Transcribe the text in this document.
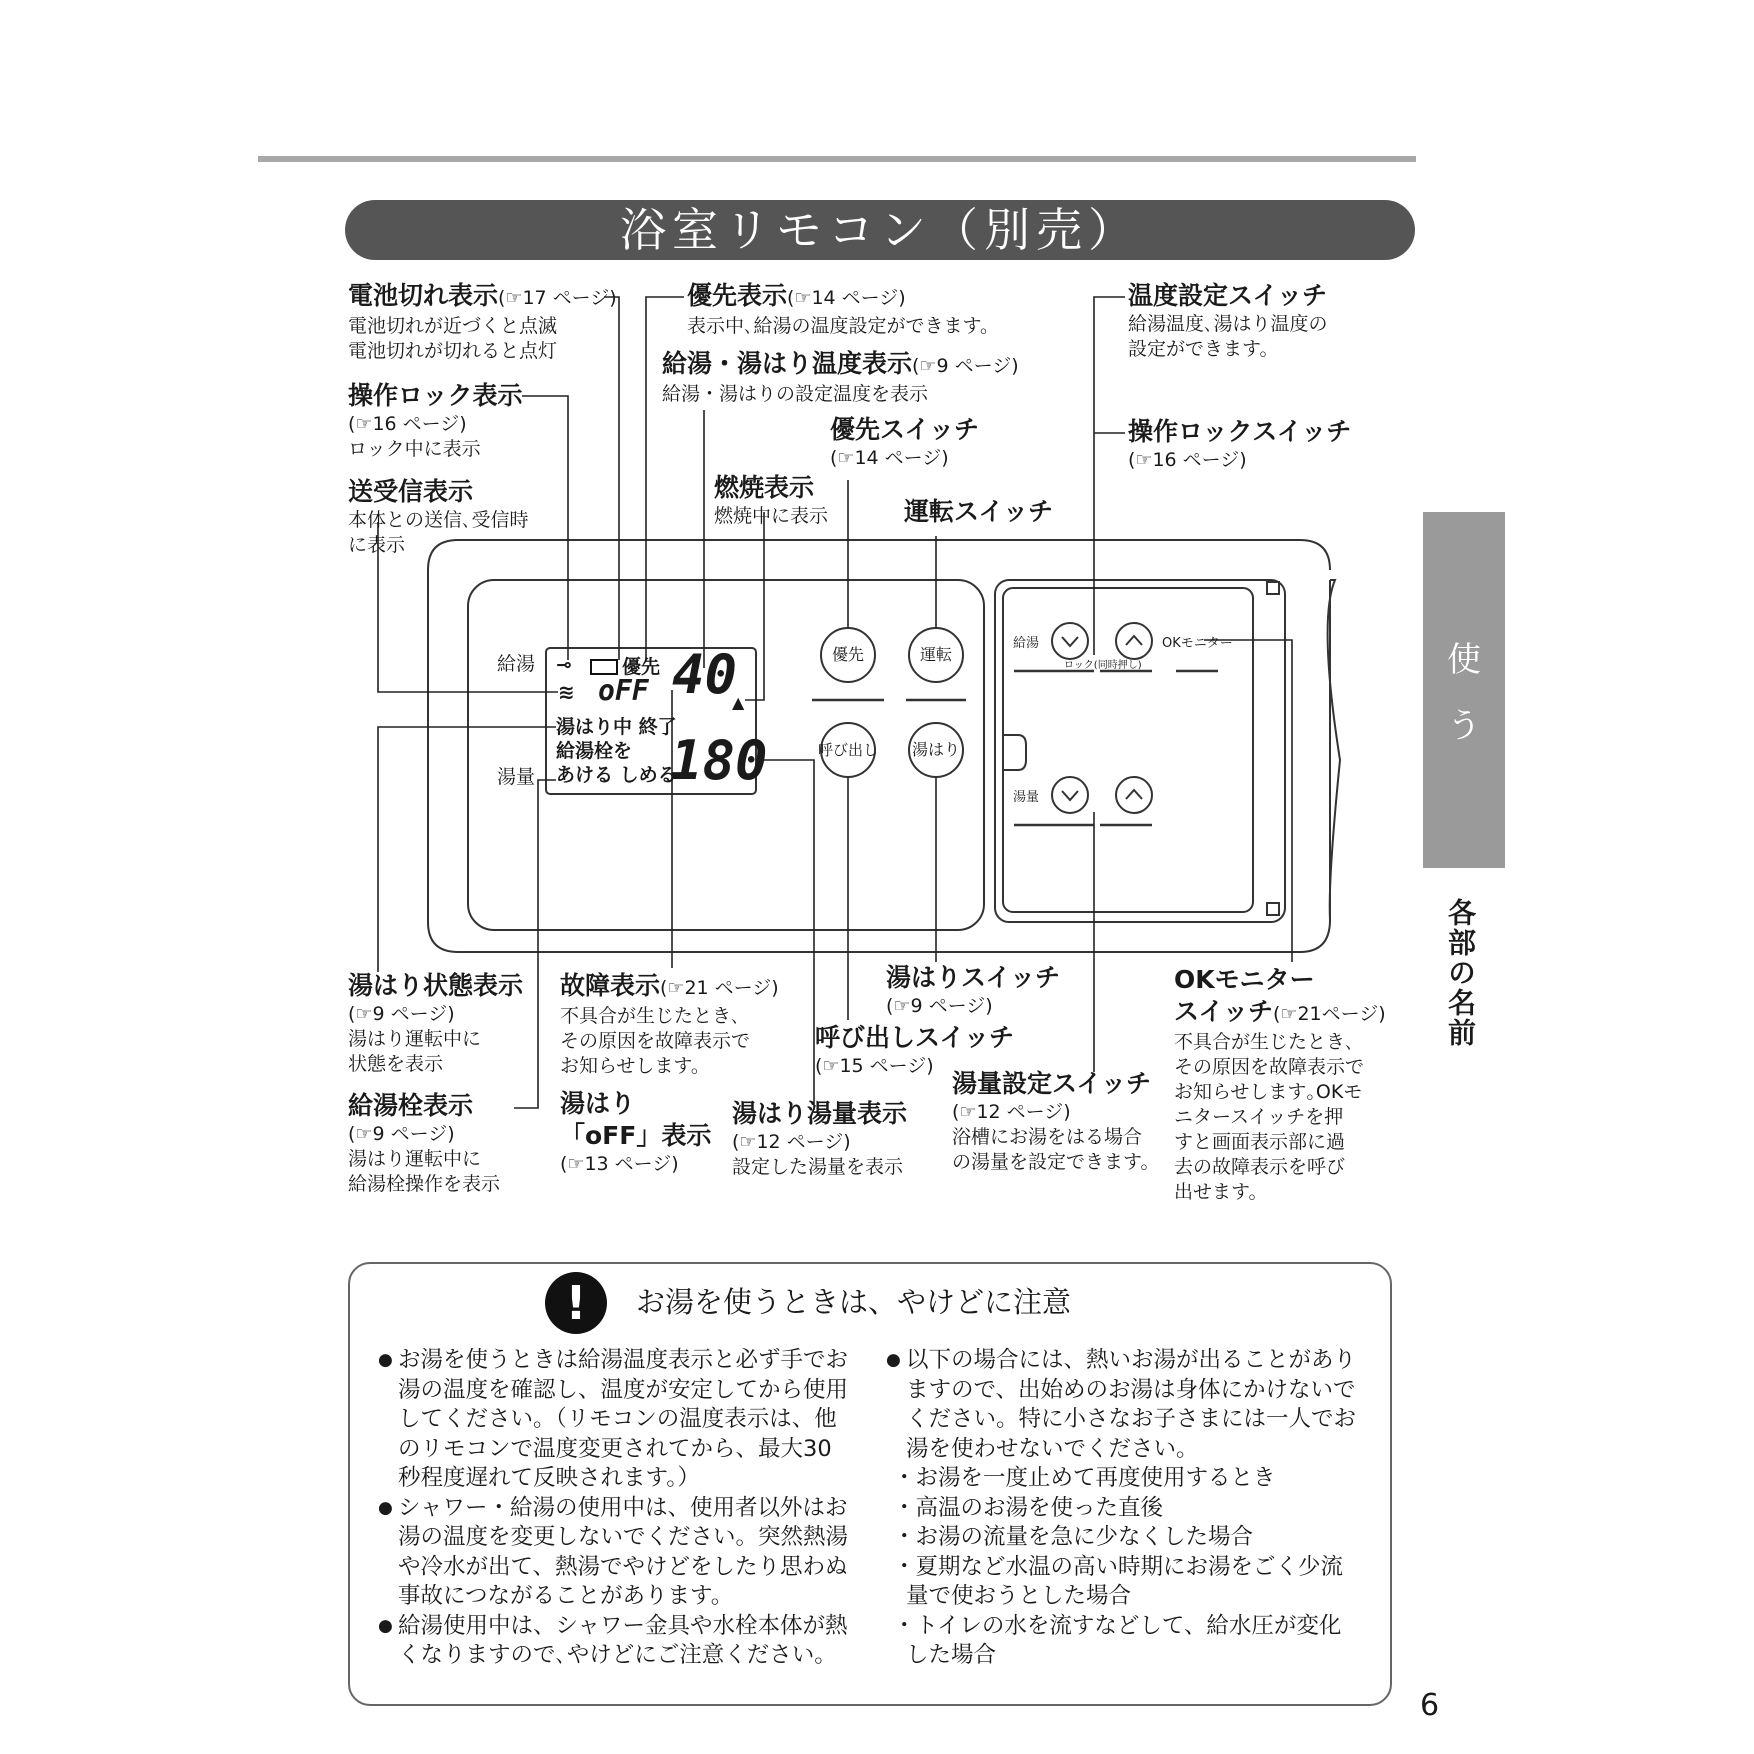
浴室リモコン（別売）
使
う
各部の名前
6
給湯
湯量
⊸	優先 40
▲
≋ oFF
湯はり中 終了
給湯栓を
あける しめる
180
優先	運転
呼び出し	湯はり
給湯
ロック(同時押し)
OKモニター
湯量
電池切れ表示(☞17 ページ)
電池切れが近づくと点滅
電池切れが切れると点灯
優先表示(☞14 ページ)
表示中､給湯の温度設定ができます。
給湯・湯はり温度表示(☞9 ページ)
給湯・湯はりの設定温度を表示
操作ロック表示
(☞16 ページ)
ロック中に表示
優先スイッチ
(☞14 ページ)
送受信表示
本体との送信､受信時
に表示
燃焼表示
燃焼中に表示	運転スイッチ
温度設定スイッチ
給湯温度､湯はり温度の
設定ができます。
操作ロックスイッチ
(☞16 ページ)
湯はり状態表示
(☞9 ページ)
湯はり運転中に
状態を表示
故障表示(☞21 ページ)
不具合が生じたとき､
その原因を故障表示で
お知らせします。
湯はりスイッチ
(☞9 ページ)
呼び出しスイッチ
(☞15 ページ)
OKモニター
スイッチ(☞21ページ)
不具合が生じたとき､
その原因を故障表示で
お知らせします｡OKモ
ニタースイッチを押
すと画面表示部に過
去の故障表示を呼び
出せます。
給湯栓表示
(☞9 ページ)
湯はり運転中に
給湯栓操作を表示
湯はり
「oFF」表示
(☞13 ページ)
湯はり湯量表示
(☞12 ページ)
設定した湯量を表示
湯量設定スイッチ
(☞12 ページ)
浴槽にお湯をはる場合
の湯量を設定できます。
!	お湯を使うときは、やけどに注意
● お湯を使うときは給湯温度表示と必ず手でお湯の温度を確認し、温度が安定してから使用してください。（リモコンの温度表示は、他のリモコンで温度変更されてから、最大30秒程度遅れて反映されます。）
● シャワー・給湯の使用中は、使用者以外はお湯の温度を変更しないでください。突然熱湯や冷水が出て、熱湯でやけどをしたり思わぬ事故につながることがあります。
● 給湯使用中は、シャワー金具や水栓本体が熱くなりますので､やけどにご注意ください。
● 以下の場合には、熱いお湯が出ることがありますので、出始めのお湯は身体にかけないでください。特に小さなお子さまには一人でお湯を使わせないでください。
・お湯を一度止めて再度使用するとき
・高温のお湯を使った直後
・お湯の流量を急に少なくした場合
・夏期など水温の高い時期にお湯をごく少流量で使おうとした場合
・トイレの水を流すなどして、給水圧が変化した場合
